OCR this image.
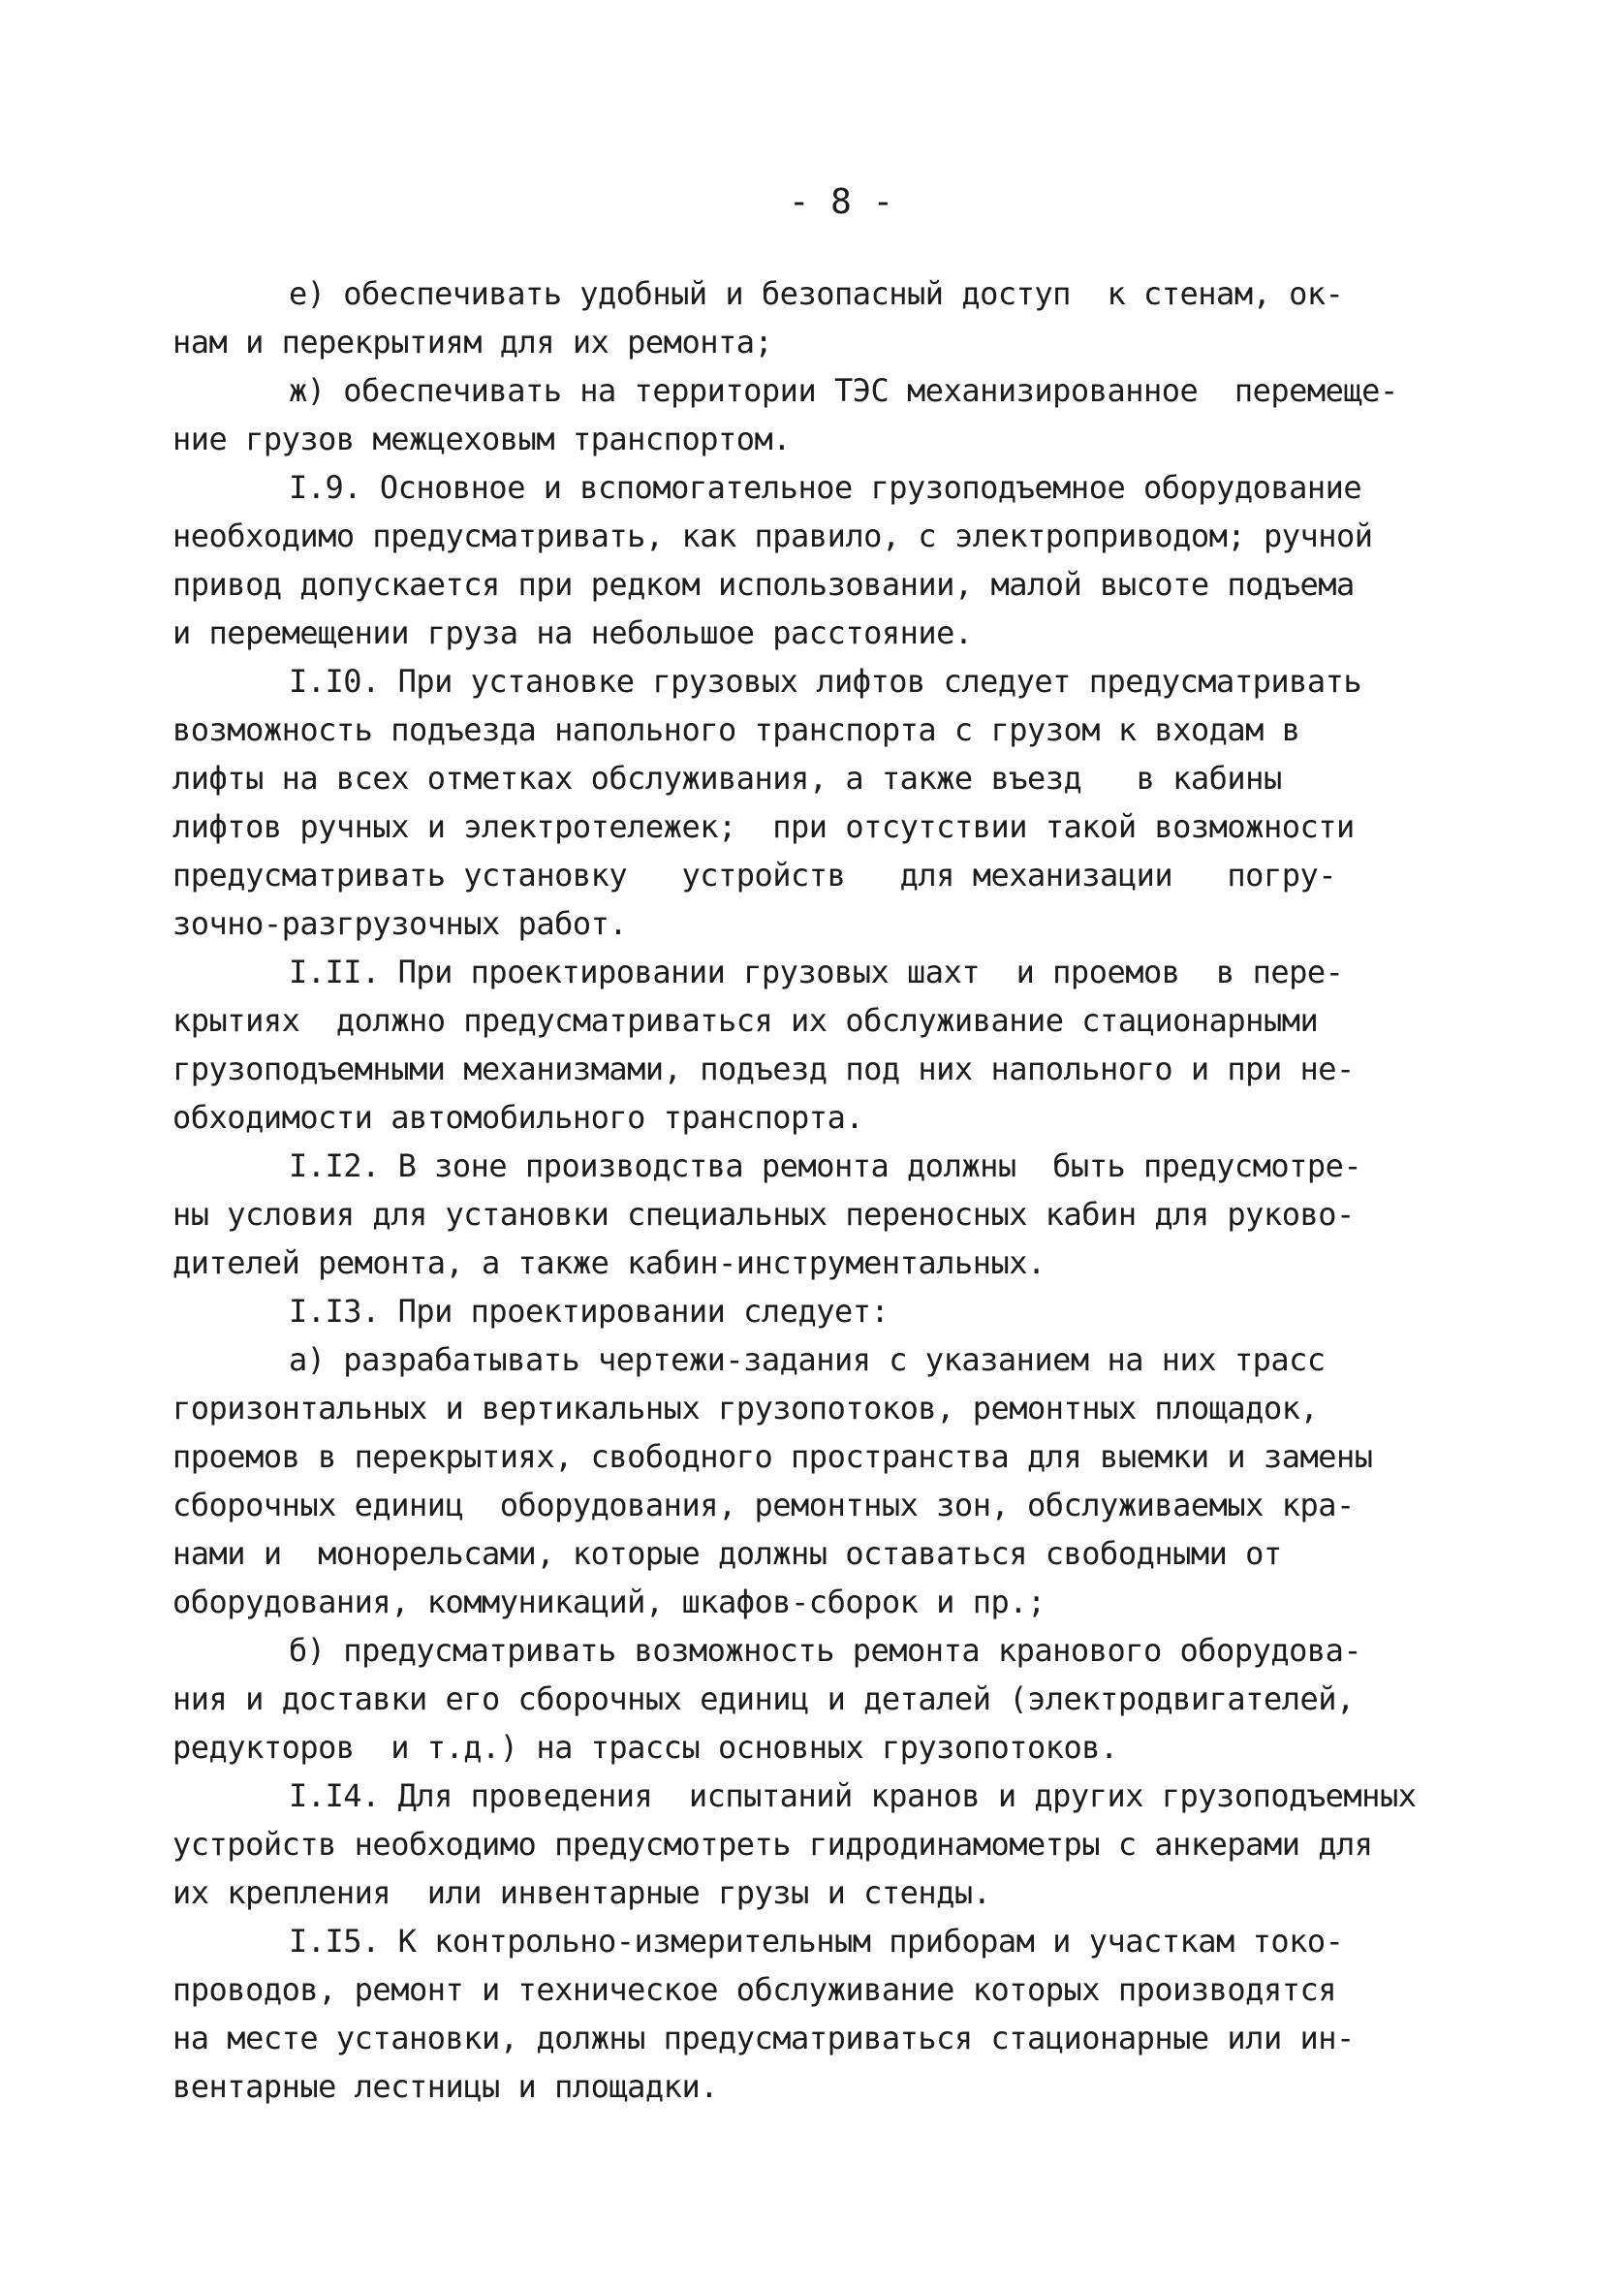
- 8 -
е) обеспечивать удобный и безопасный доступ  к стенам, ок-
нам и перекрытиям для их ремонта;
ж) обеспечивать на территории ТЭС механизированное  перемеще-
ние грузов межцеховым транспортом.
I.9. Основное и вспомогательное грузоподъемное оборудование
необходимо предусматривать, как правило, с электроприводом; ручной
привод допускается при редком использовании, малой высоте подъема
и перемещении груза на небольшое расстояние.
I.I0. При установке грузовых лифтов следует предусматривать
возможность подъезда напольного транспорта с грузом к входам в
лифты на всех отметках обслуживания, а также въезд   в кабины
лифтов ручных и электротележек;  при отсутствии такой возможности
предусматривать установку   устройств   для механизации   погру-
зочно-разгрузочных работ.
I.II. При проектировании грузовых шахт  и проемов  в пере-
крытиях  должно предусматриваться их обслуживание стационарными
грузоподъемными механизмами, подъезд под них напольного и при не-
обходимости автомобильного транспорта.
I.I2. В зоне производства ремонта должны  быть предусмотре-
ны условия для установки специальных переносных кабин для руково-
дителей ремонта, а также кабин-инструментальных.
I.I3. При проектировании следует:
а) разрабатывать чертежи-задания с указанием на них трасс
горизонтальных и вертикальных грузопотоков, ремонтных площадок,
проемов в перекрытиях, свободного пространства для выемки и замены
сборочных единиц  оборудования, ремонтных зон, обслуживаемых кра-
нами и  монорельсами, которые должны оставаться свободными от
оборудования, коммуникаций, шкафов-сборок и пр.;
б) предусматривать возможность ремонта кранового оборудова-
ния и доставки его сборочных единиц и деталей (электродвигателей,
редукторов  и т.д.) на трассы основных грузопотоков.
I.I4. Для проведения  испытаний кранов и других грузоподъемных
устройств необходимо предусмотреть гидродинамометры с анкерами для
их крепления  или инвентарные грузы и стенды.
I.I5. К контрольно-измерительным приборам и участкам токо-
проводов, ремонт и техническое обслуживание которых производятся
на месте установки, должны предусматриваться стационарные или ин-
вентарные лестницы и площадки.
